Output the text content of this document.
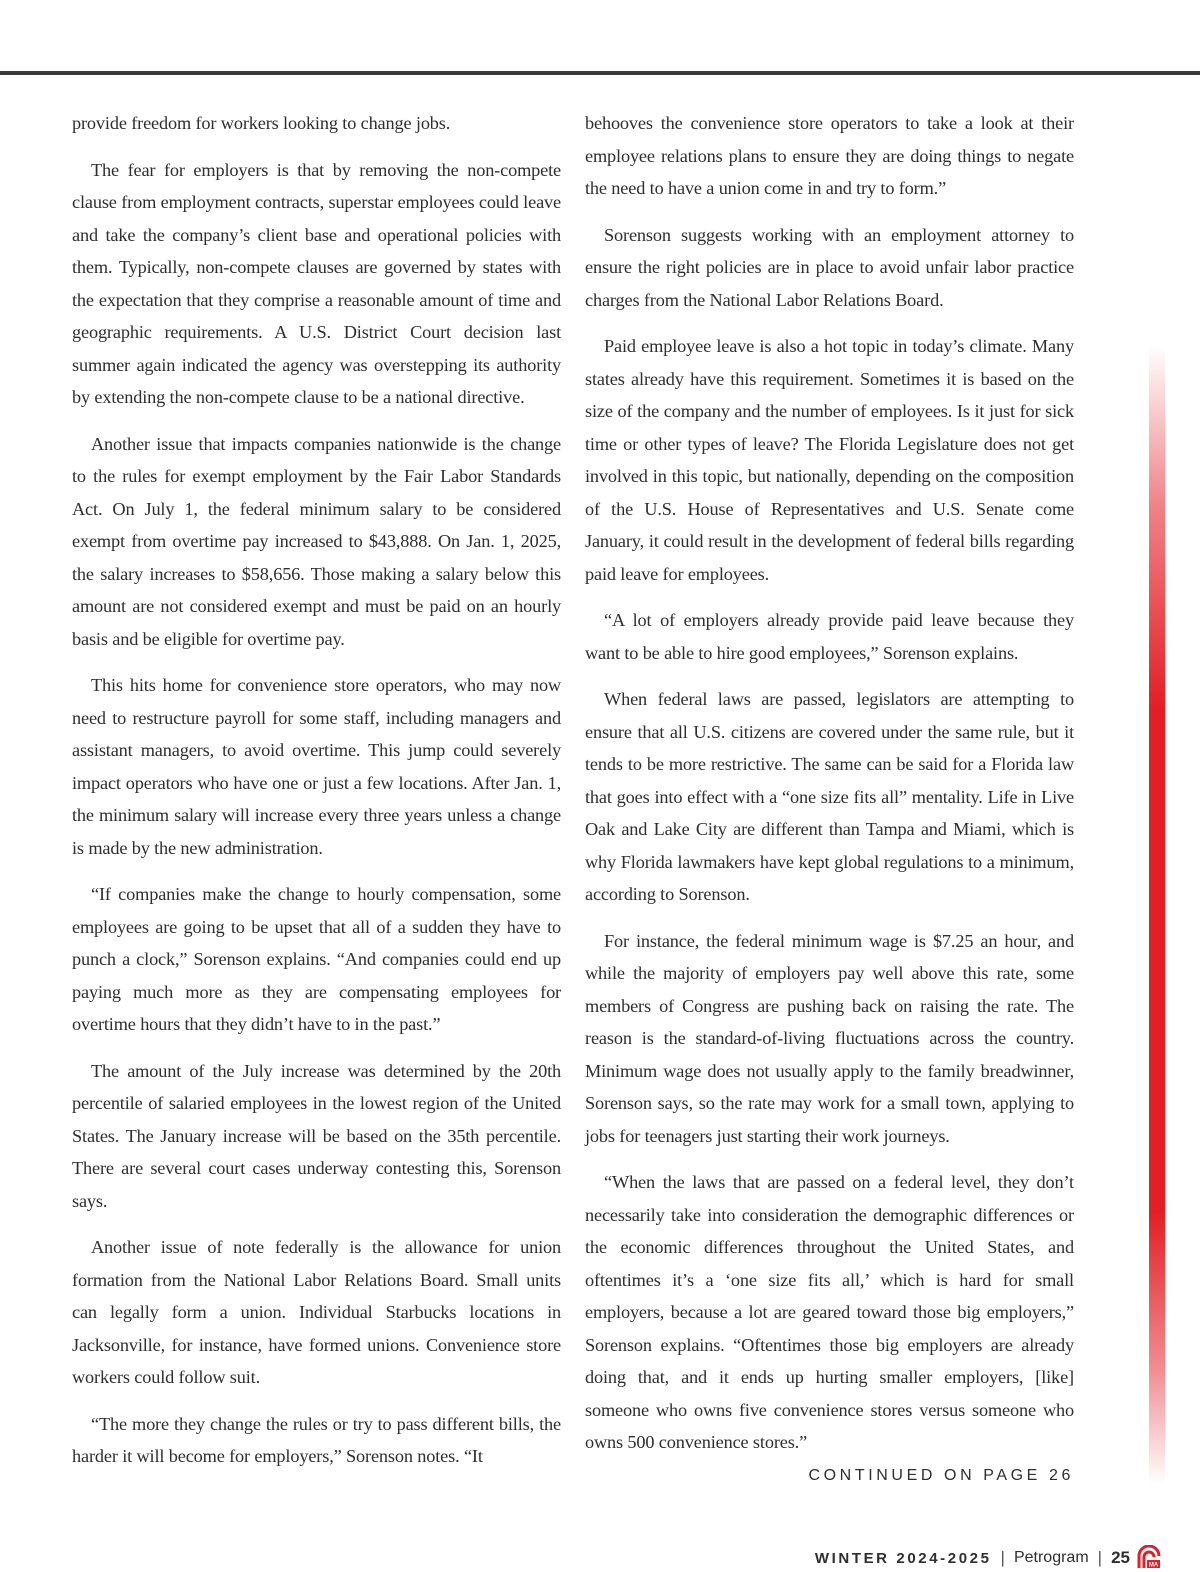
provide freedom for workers looking to change jobs.

The fear for employers is that by removing the non-compete clause from employment contracts, superstar employees could leave and take the company’s client base and operational policies with them. Typically, non-compete clauses are governed by states with the expectation that they comprise a reasonable amount of time and geographic requirements. A U.S. District Court decision last summer again indicated the agency was overstepping its authority by extending the non-compete clause to be a national directive.

Another issue that impacts companies nationwide is the change to the rules for exempt employment by the Fair Labor Standards Act. On July 1, the federal minimum salary to be considered exempt from overtime pay increased to $43,888. On Jan. 1, 2025, the salary increases to $58,656. Those making a salary below this amount are not considered exempt and must be paid on an hourly basis and be eligible for overtime pay.

This hits home for convenience store operators, who may now need to restructure payroll for some staff, including managers and assistant managers, to avoid overtime. This jump could severely impact operators who have one or just a few locations. After Jan. 1, the minimum salary will increase every three years unless a change is made by the new administration.

“If companies make the change to hourly compensation, some employees are going to be upset that all of a sudden they have to punch a clock,” Sorenson explains. “And companies could end up paying much more as they are compensating employees for overtime hours that they didn’t have to in the past.”

The amount of the July increase was determined by the 20th percentile of salaried employees in the lowest region of the United States. The January increase will be based on the 35th percentile. There are several court cases underway contesting this, Sorenson says.

Another issue of note federally is the allowance for union formation from the National Labor Relations Board. Small units can legally form a union. Individual Starbucks locations in Jacksonville, for instance, have formed unions. Convenience store workers could follow suit.

“The more they change the rules or try to pass different bills, the harder it will become for employers,” Sorenson notes. “It

behooves the convenience store operators to take a look at their employee relations plans to ensure they are doing things to negate the need to have a union come in and try to form.”

Sorenson suggests working with an employment attorney to ensure the right policies are in place to avoid unfair labor practice charges from the National Labor Relations Board.

Paid employee leave is also a hot topic in today’s climate. Many states already have this requirement. Sometimes it is based on the size of the company and the number of employees. Is it just for sick time or other types of leave? The Florida Legislature does not get involved in this topic, but nationally, depending on the composition of the U.S. House of Representatives and U.S. Senate come January, it could result in the development of federal bills regarding paid leave for employees.

“A lot of employers already provide paid leave because they want to be able to hire good employees,” Sorenson explains.

When federal laws are passed, legislators are attempting to ensure that all U.S. citizens are covered under the same rule, but it tends to be more restrictive. The same can be said for a Florida law that goes into effect with a “one size fits all” mentality. Life in Live Oak and Lake City are different than Tampa and Miami, which is why Florida lawmakers have kept global regulations to a minimum, according to Sorenson.

For instance, the federal minimum wage is $7.25 an hour, and while the majority of employers pay well above this rate, some members of Congress are pushing back on raising the rate. The reason is the standard-of-living fluctuations across the country. Minimum wage does not usually apply to the family breadwinner, Sorenson says, so the rate may work for a small town, applying to jobs for teenagers just starting their work journeys.

“When the laws that are passed on a federal level, they don’t necessarily take into consideration the demographic differences or the economic differences throughout the United States, and oftentimes it’s a ‘one size fits all,’ which is hard for small employers, because a lot are geared toward those big employers,” Sorenson explains. “Oftentimes those big employers are already doing that, and it ends up hurting smaller employers, [like] someone who owns five convenience stores versus someone who owns 500 convenience stores.”

CONTINUED ON PAGE 26
WINTER 2024-2025 | Petrogram | 25	MA
